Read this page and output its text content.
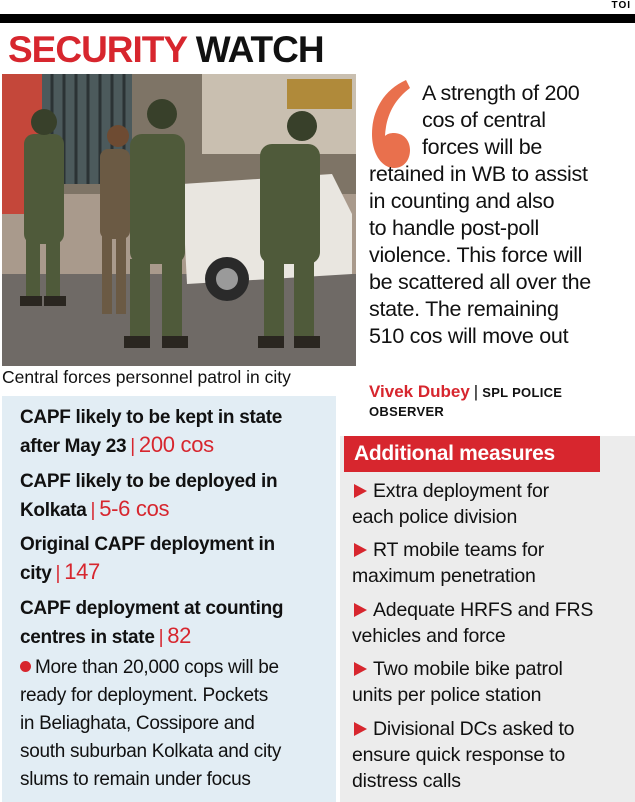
TOI
SECURITY WATCH
Central forces personnel patrol in city
A strength of 200
cos of central
forces will be
retained in WB to assist
in counting and also
to handle post-poll
violence. This force will
be scattered all over the
state. The remaining
510 cos will move out
Vivek Dubey | SPL POLICE OBSERVER
CAPF likely to be kept in state
after May 23 | 200 cos
CAPF likely to be deployed in
Kolkata | 5-6 cos
Original CAPF deployment in
city | 147
CAPF deployment at counting
centres in state | 82
More than 20,000 cops will be
ready for deployment. Pockets
in Beliaghata, Cossipore and
south suburban Kolkata and city
slums to remain under focus
Additional measures
Extra deployment for
each police division
RT mobile teams for
maximum penetration
Adequate HRFS and FRS
vehicles and force
Two mobile bike patrol
units per police station
Divisional DCs asked to
ensure quick response to
distress calls
